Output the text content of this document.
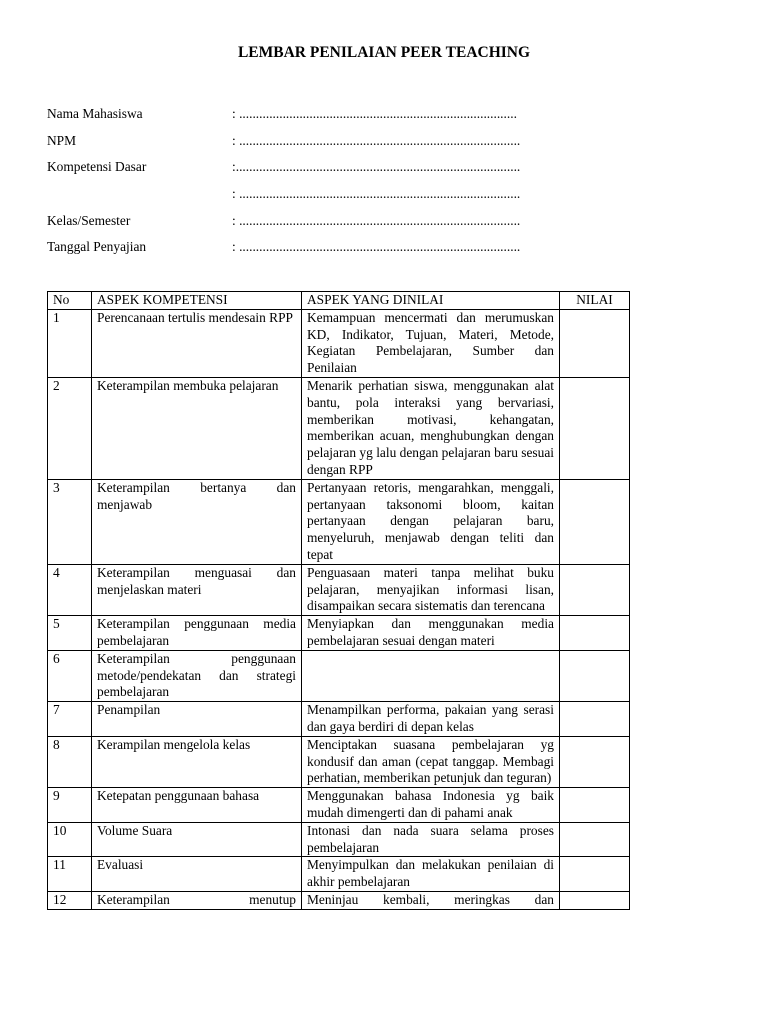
LEMBAR PENILAIAN PEER TEACHING
Nama Mahasiswa	: ...................................................................................
NPM	: ....................................................................................
Kompetensi Dasar	:.....................................................................................
: ....................................................................................
Kelas/Semester	: ....................................................................................
Tanggal Penyajian	: ....................................................................................
No	ASPEK KOMPETENSI	ASPEK YANG DINILAI	NILAI
1	Perencanaan tertulis mendesain RPP	Kemampuan mencermati dan merumuskan KD, Indikator, Tujuan, Materi, Metode, Kegiatan Pembelajaran, Sumber dan Penilaian	
2	Keterampilan membuka pelajaran	Menarik perhatian siswa, menggunakan alat bantu, pola interaksi yang bervariasi, memberikan motivasi, kehangatan, memberikan acuan, menghubungkan dengan pelajaran yg lalu dengan pelajaran baru sesuai dengan RPP	
3	Keterampilan bertanya dan menjawab	Pertanyaan retoris, mengarahkan, menggali, pertanyaan taksonomi bloom, kaitan pertanyaan dengan pelajaran baru, menyeluruh, menjawab dengan teliti dan tepat	
4	Keterampilan menguasai dan menjelaskan materi	Penguasaan materi tanpa melihat buku pelajaran, menyajikan informasi lisan, disampaikan secara sistematis dan terencana	
5	Keterampilan penggunaan media pembelajaran	Menyiapkan dan menggunakan media pembelajaran sesuai dengan materi	
6	Keterampilan penggunaan metode/pendekatan dan strategi pembelajaran		
7	Penampilan	Menampilkan performa, pakaian yang serasi dan gaya berdiri di depan kelas	
8	Kerampilan mengelola kelas	Menciptakan suasana pembelajaran yg kondusif dan aman (cepat tanggap. Membagi perhatian, memberikan petunjuk dan teguran)	
9	Ketepatan penggunaan bahasa	Menggunakan bahasa Indonesia yg baik mudah dimengerti dan di pahami anak	
10	Volume Suara	Intonasi dan nada suara selama proses pembelajaran	
11	Evaluasi	Menyimpulkan dan melakukan penilaian di akhir pembelajaran	
12	Keterampilan menutup	Meninjau kembali, meringkas dan	
